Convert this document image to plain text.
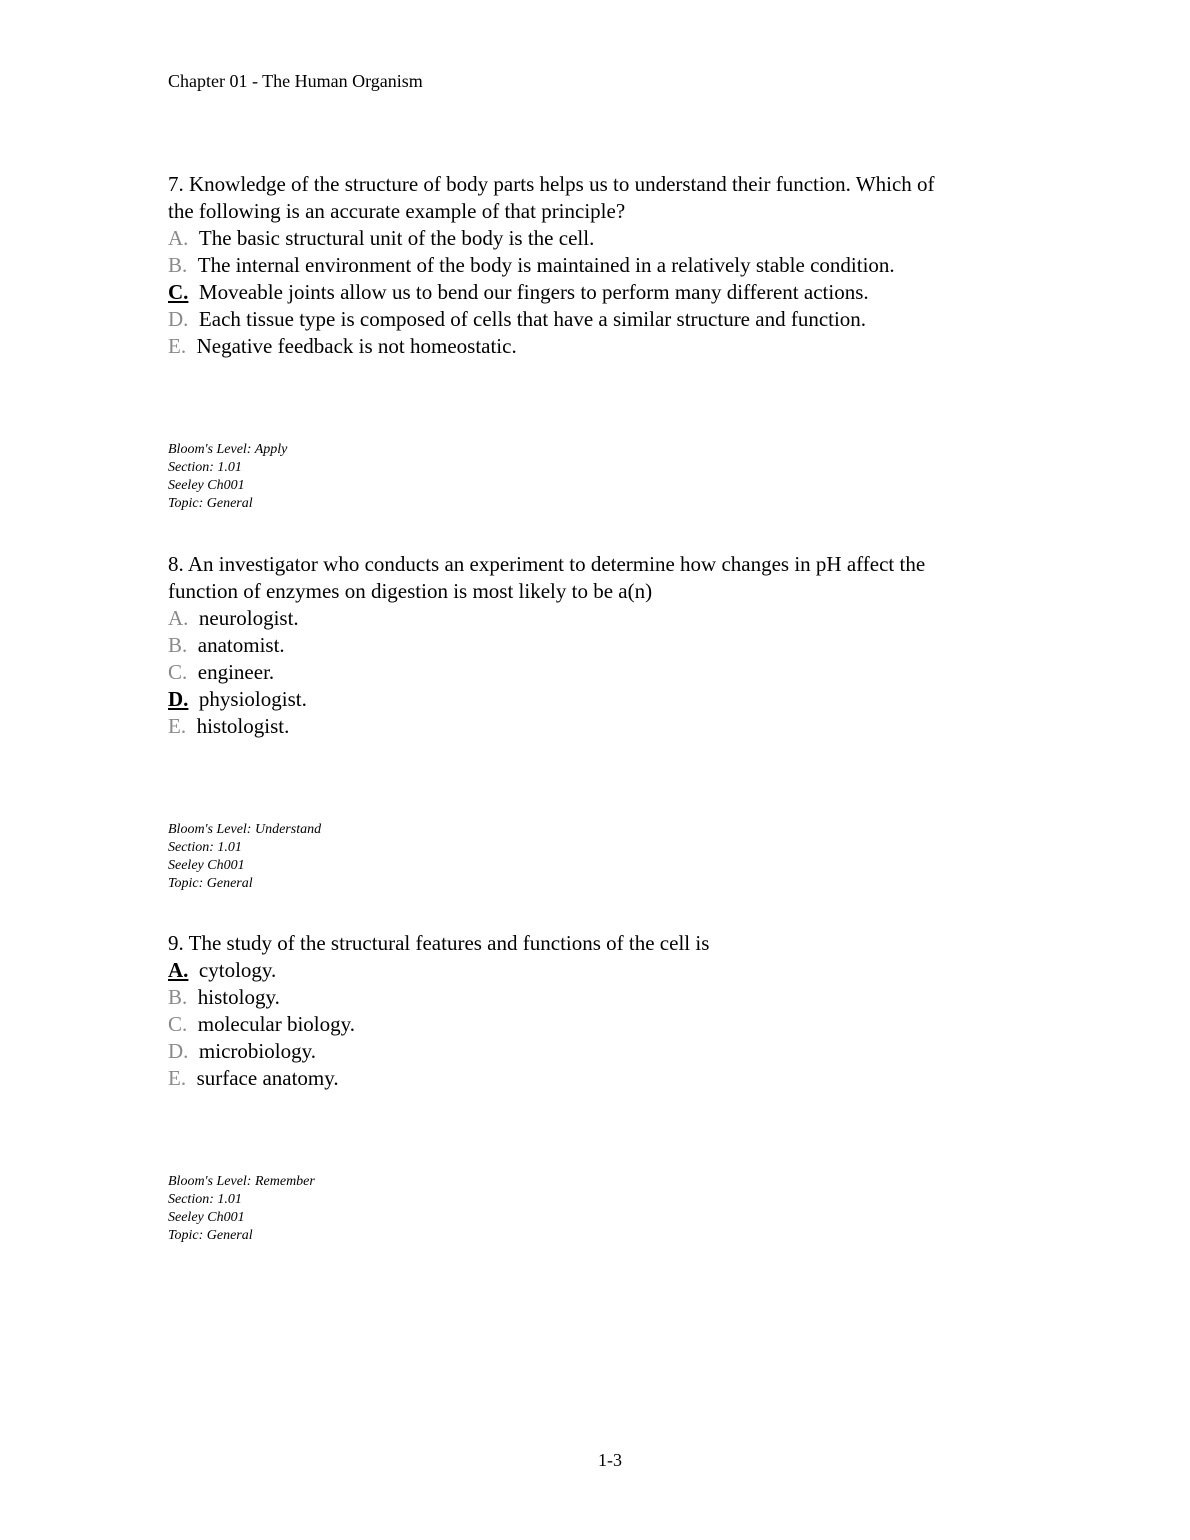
Chapter 01 - The Human Organism
7. Knowledge of the structure of body parts helps us to understand their function. Which of
the following is an accurate example of that principle?
A. The basic structural unit of the body is the cell.
B. The internal environment of the body is maintained in a relatively stable condition.
C. Moveable joints allow us to bend our fingers to perform many different actions.
D. Each tissue type is composed of cells that have a similar structure and function.
E. Negative feedback is not homeostatic.
Bloom's Level: Apply
Section: 1.01
Seeley Ch001
Topic: General
8. An investigator who conducts an experiment to determine how changes in pH affect the
function of enzymes on digestion is most likely to be a(n)
A. neurologist.
B. anatomist.
C. engineer.
D. physiologist.
E. histologist.
Bloom's Level: Understand
Section: 1.01
Seeley Ch001
Topic: General
9. The study of the structural features and functions of the cell is
A. cytology.
B. histology.
C. molecular biology.
D. microbiology.
E. surface anatomy.
Bloom's Level: Remember
Section: 1.01
Seeley Ch001
Topic: General
1-3
